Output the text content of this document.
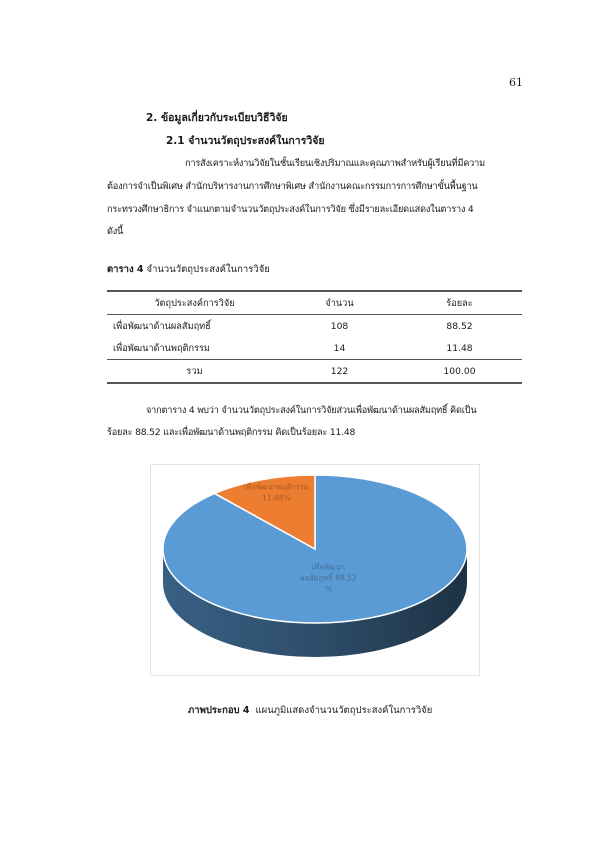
61
2. ข้อมูลเกี่ยวกับระเบียบวิธีวิจัย
2.1 จำนวนวัตถุประสงค์ในการวิจัย
การสังเคราะห์งานวิจัยในชั้นเรียนเชิงปริมาณและคุณภาพสำหรับผู้เรียนที่มีความ
ต้องการจำเป็นพิเศษ สำนักบริหารงานการศึกษาพิเศษ สำนักงานคณะกรรมการการศึกษาขั้นพื้นฐาน
กระทรวงศึกษาธิการ จำแนกตามจำนวนวัตถุประสงค์ในการวิจัย ซึ่งมีรายละเอียดแสดงในตาราง 4
ดังนี้
ตาราง 4 จำนวนวัตถุประสงค์ในการวิจัย
วัตถุประสงค์การวิจัย	จำนวน	ร้อยละ
เพื่อพัฒนาด้านผลสัมฤทธิ์	108	88.52
เพื่อพัฒนาด้านพฤติกรรม	14	11.48
รวม	122	100.00
จากตาราง 4 พบว่า จำนวนวัตถุประสงค์ในการวิจัยส่วนเพื่อพัฒนาด้านผลสัมฤทธิ์ คิดเป็น
ร้อยละ 88.52 และเพื่อพัฒนาด้านพฤติกรรม คิดเป็นร้อยละ 11.48
เพื่อพัฒนา
ผลสัมฤทธิ์ 88.52
%
เพื่อพัฒนาพฤติกรรม
11.48%
ภาพประกอบ 4 แผนภูมิแสดงจำนวนวัตถุประสงค์ในการวิจัย
